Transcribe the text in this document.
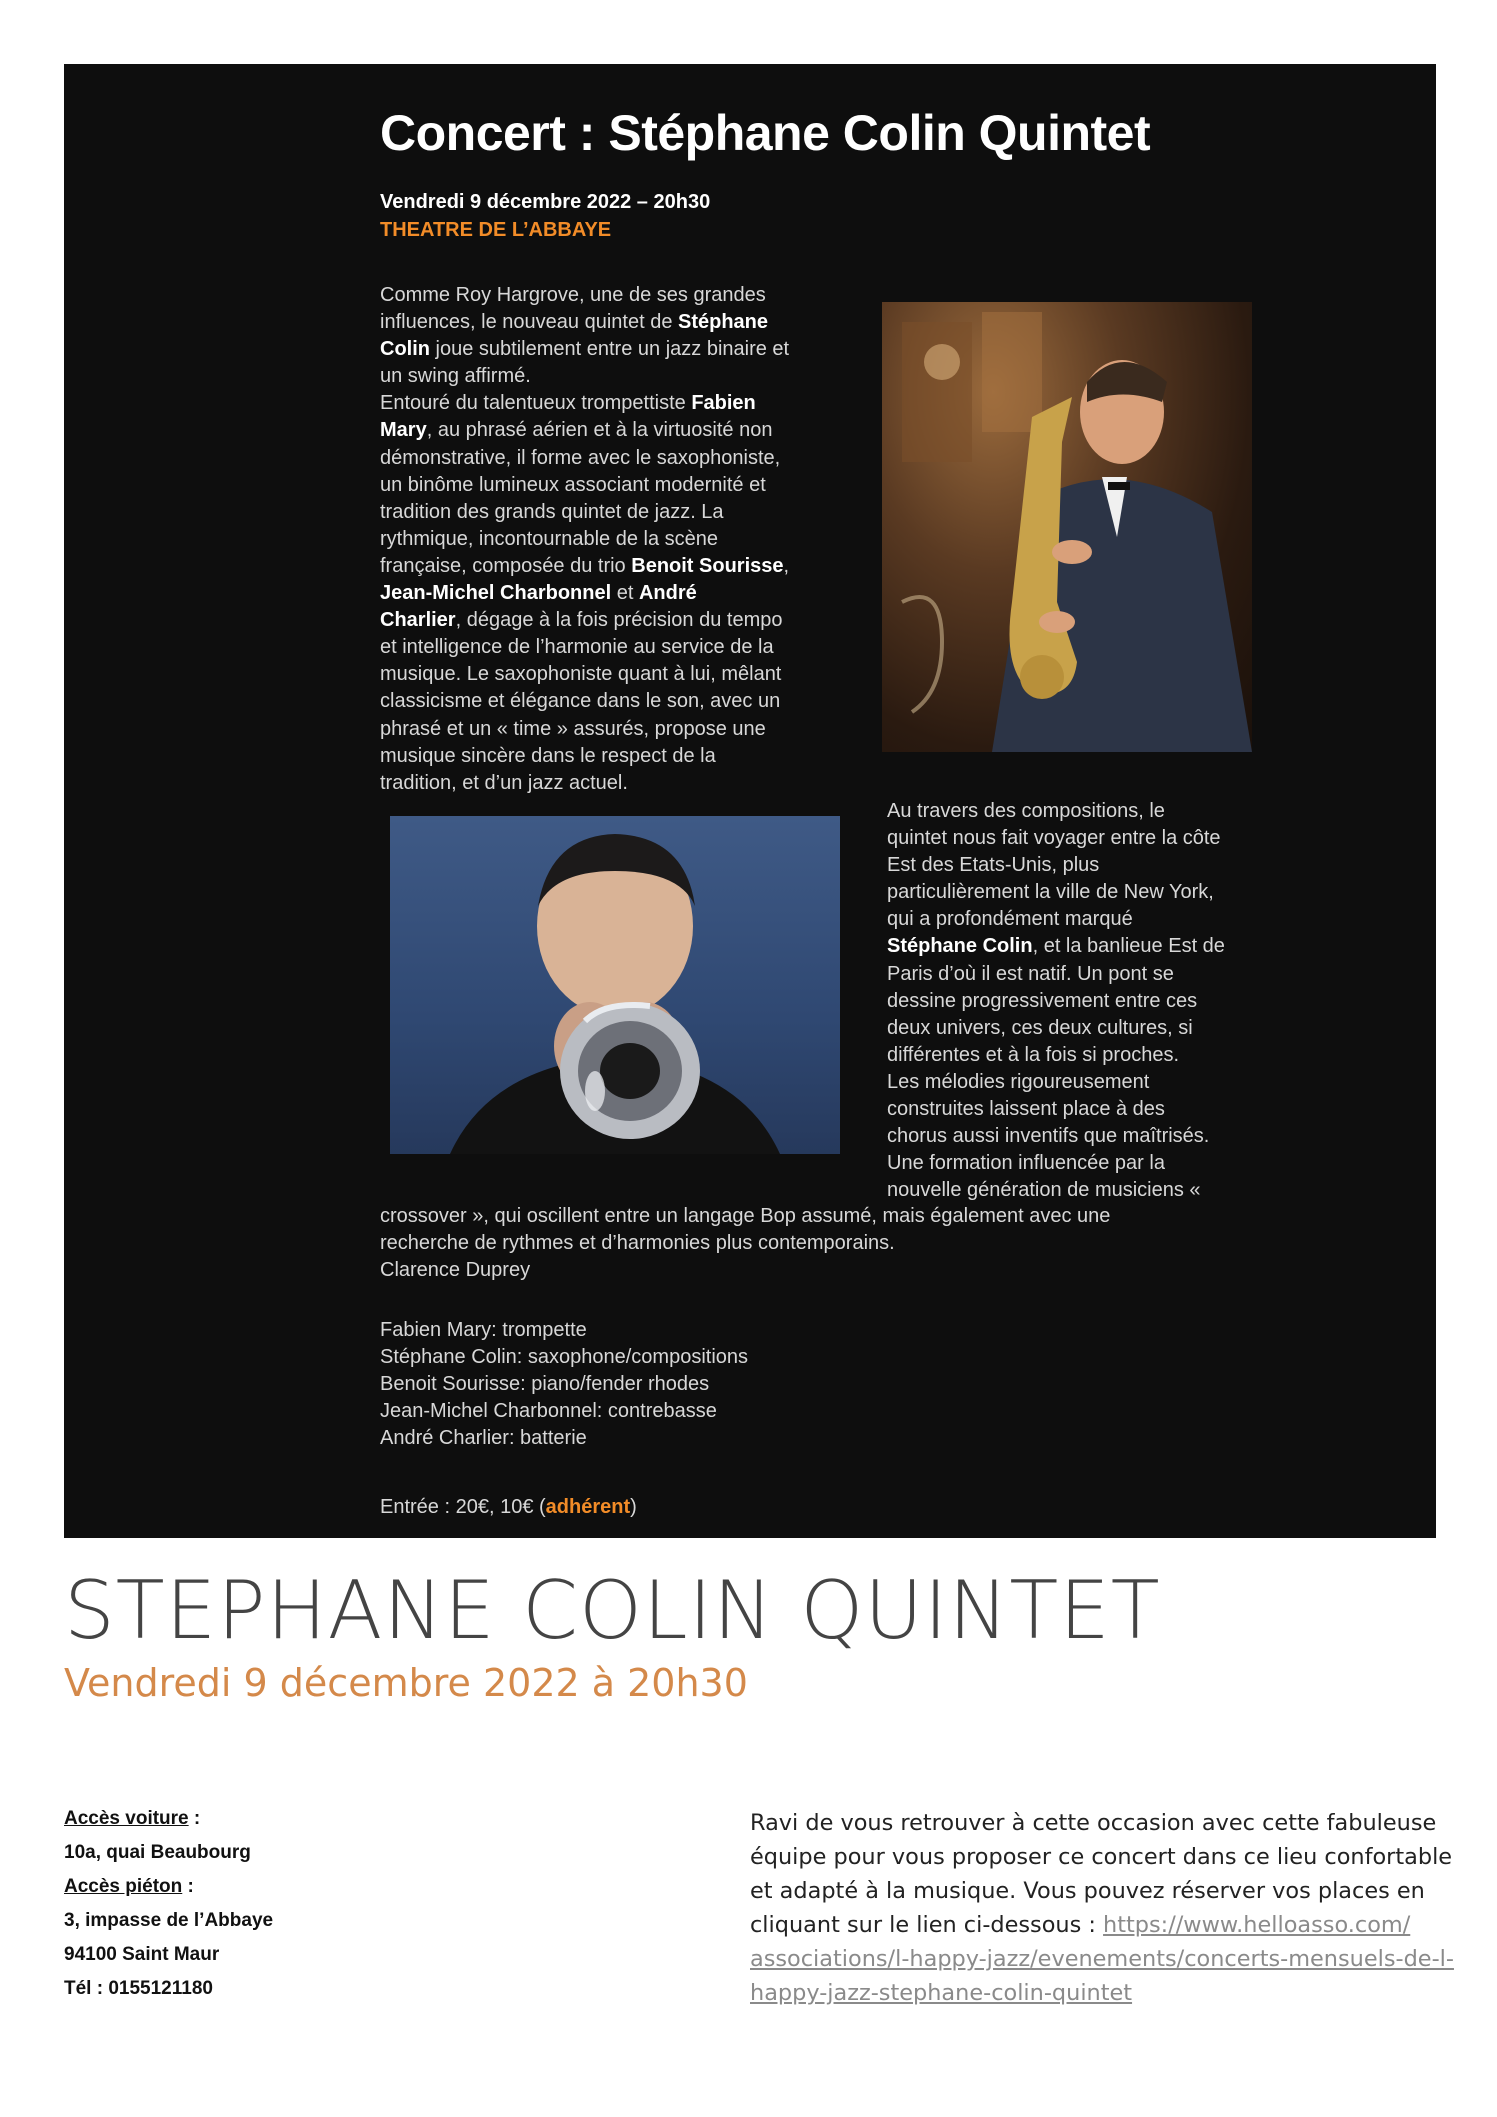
Concert : Stéphane Colin Quintet
Vendredi 9 décembre 2022 – 20h30
THEATRE DE L’ABBAYE
Comme Roy Hargrove, une de ses grandes
influences, le nouveau quintet de Stéphane
Colin joue subtilement entre un jazz binaire et
un swing affirmé.
Entouré du talentueux trompettiste Fabien
Mary, au phrasé aérien et à la virtuosité non
démonstrative, il forme avec le saxophoniste,
un binôme lumineux associant modernité et
tradition des grands quintet de jazz. La
rythmique, incontournable de la scène
française, composée du trio Benoit Sourisse,
Jean-Michel Charbonnel et André
Charlier, dégage à la fois précision du tempo
et intelligence de l’harmonie au service de la
musique. Le saxophoniste quant à lui, mêlant
classicisme et élégance dans le son, avec un
phrasé et un « time » assurés, propose une
musique sincère dans le respect de la
tradition, et d’un jazz actuel.
Au travers des compositions, le
quintet nous fait voyager entre la côte
Est des Etats-Unis, plus
particulièrement la ville de New York,
qui a profondément marqué
Stéphane Colin, et la banlieue Est de
Paris d’où il est natif. Un pont se
dessine progressivement entre ces
deux univers, ces deux cultures, si
différentes et à la fois si proches.
Les mélodies rigoureusement
construites laissent place à des
chorus aussi inventifs que maîtrisés.
Une formation influencée par la
nouvelle génération de musiciens «
crossover », qui oscillent entre un langage Bop assumé, mais également avec une
recherche de rythmes et d’harmonies plus contemporains.
Clarence Duprey
Fabien Mary: trompette
Stéphane Colin: saxophone/compositions
Benoit Sourisse: piano/fender rhodes
Jean-Michel Charbonnel: contrebasse
André Charlier: batterie
Entrée : 20€, 10€ (adhérent)
STEPHANE COLIN QUINTET
Vendredi 9 décembre 2022 à 20h30
Accès voiture :
10a, quai Beaubourg
Accès piéton :
3, impasse de l’Abbaye
94100 Saint Maur
Tél : 0155121180
Ravi de vous retrouver à cette occasion avec cette fabuleuse
équipe pour vous proposer ce concert dans ce lieu confortable
et adapté à la musique. Vous pouvez réserver vos places en
cliquant sur le lien ci-dessous : https://www.helloasso.com/
associations/l-happy-jazz/evenements/concerts-mensuels-de-l-
happy-jazz-stephane-colin-quintet
